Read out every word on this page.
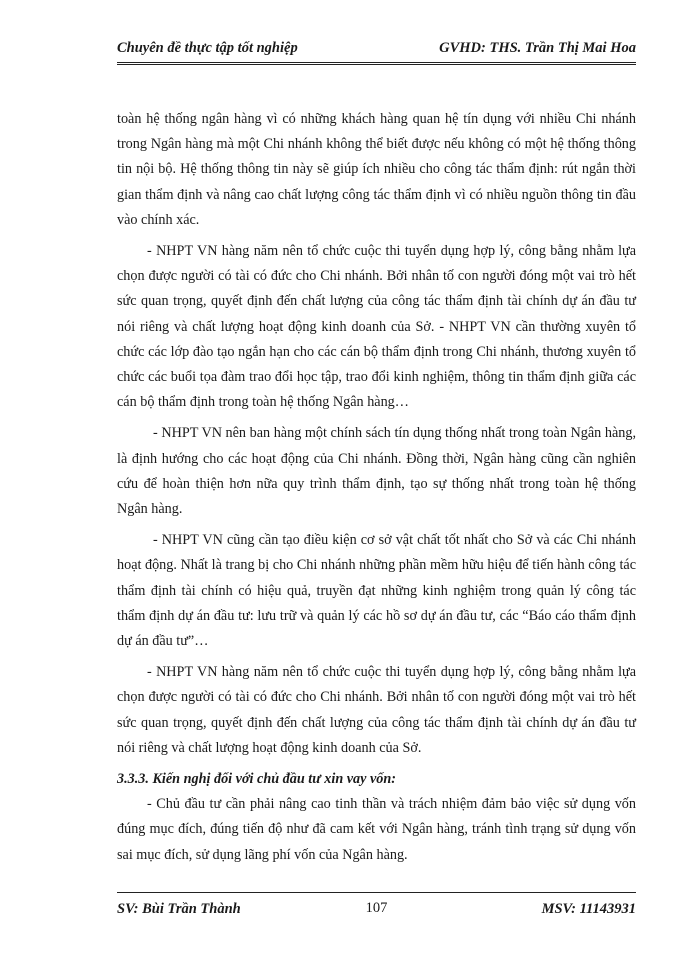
Chuyên đề thực tập tốt nghiệp	GVHD: THS. Trần Thị Mai Hoa

toàn hệ thống ngân hàng vì có những khách hàng quan hệ tín dụng với nhiều Chi nhánh trong Ngân hàng mà một Chi nhánh không thể biết được nếu không có một hệ thống thông tin nội bộ. Hệ thống thông tin này sẽ giúp ích nhiều cho công tác thẩm định: rút ngắn thời gian thẩm định và nâng cao chất lượng công tác thẩm định vì có nhiều nguồn thông tin đầu vào chính xác.

- NHPT VN hàng năm nên tổ chức cuộc thi tuyển dụng hợp lý, công bằng nhằm lựa chọn được người có tài có đức cho Chi nhánh. Bởi nhân tố con người đóng một vai trò hết sức quan trọng, quyết định đến chất lượng của công tác thẩm định tài chính dự án đầu tư nói riêng và chất lượng hoạt động kinh doanh của Sở. - NHPT VN cần thường xuyên tổ chức các lớp đào tạo ngắn hạn cho các cán bộ thẩm định trong Chi nhánh, thương xuyên tổ chức các buổi tọa đàm trao đổi học tập, trao đổi kinh nghiệm, thông tin thẩm định giữa các cán bộ thẩm định trong toàn hệ thống Ngân hàng…

- NHPT VN nên ban hàng một chính sách tín dụng thống nhất trong toàn Ngân hàng, là định hướng cho các hoạt động của Chi nhánh. Đồng thời, Ngân hàng cũng cần nghiên cứu để hoàn thiện hơn nữa quy trình thẩm định, tạo sự thống nhất trong toàn hệ thống Ngân hàng.

- NHPT VN cũng cần tạo điều kiện cơ sở vật chất tốt nhất cho Sở và các Chi nhánh hoạt động. Nhất là trang bị cho Chi nhánh những phần mềm hữu hiệu để tiến hành công tác thẩm định tài chính có hiệu quả, truyền đạt những kinh nghiệm trong quản lý công tác thẩm định dự án đầu tư: lưu trữ và quản lý các hồ sơ dự án đầu tư, các “Báo cáo thẩm định dự án đầu tư”…

- NHPT VN hàng năm nên tổ chức cuộc thi tuyển dụng hợp lý, công bằng nhằm lựa chọn được người có tài có đức cho Chi nhánh. Bởi nhân tố con người đóng một vai trò hết sức quan trọng, quyết định đến chất lượng của công tác thẩm định tài chính dự án đầu tư nói riêng và chất lượng hoạt động kinh doanh của Sở.

3.3.3. Kiến nghị đối với chủ đầu tư xin vay vốn:

- Chủ đầu tư cần phải nâng cao tinh thần và trách nhiệm đảm bảo việc sử dụng vốn đúng mục đích, đúng tiến độ như đã cam kết với Ngân hàng, tránh tình trạng sử dụng vốn sai mục đích, sử dụng lãng phí vốn của Ngân hàng.

SV: Bùi Trần Thành	107	MSV: 11143931
